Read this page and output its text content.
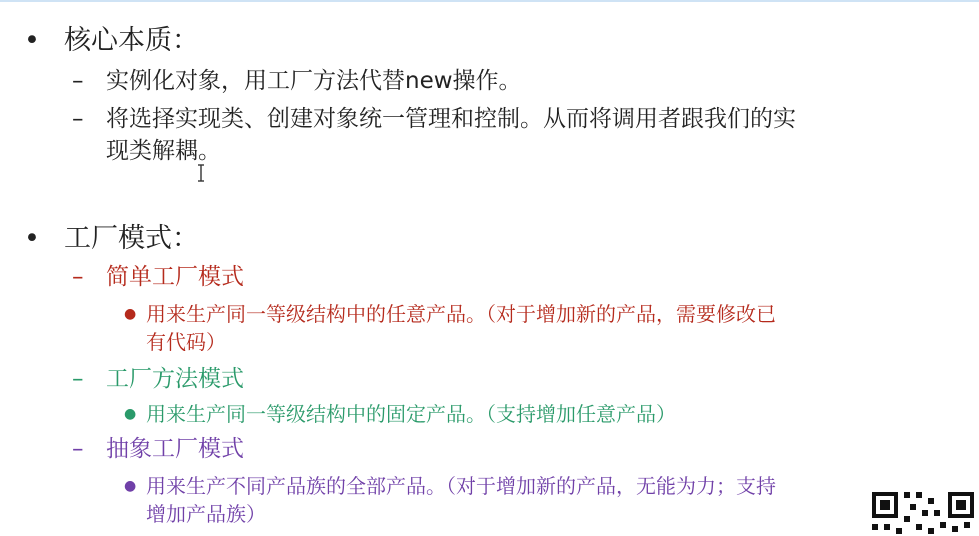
• 核心本质：
– 实例化对象，用工厂方法代替new操作。
– 将选择实现类、创建对象统一管理和控制。从而将调用者跟我们的实
现类解耦。
• 工厂模式：
– 简单工厂模式
● 用来生产同一等级结构中的任意产品。（对于增加新的产品，需要修改已
有代码）
– 工厂方法模式
● 用来生产同一等级结构中的固定产品。（支持增加任意产品）
– 抽象工厂模式
● 用来生产不同产品族的全部产品。（对于增加新的产品，无能为力；支持
增加产品族）
